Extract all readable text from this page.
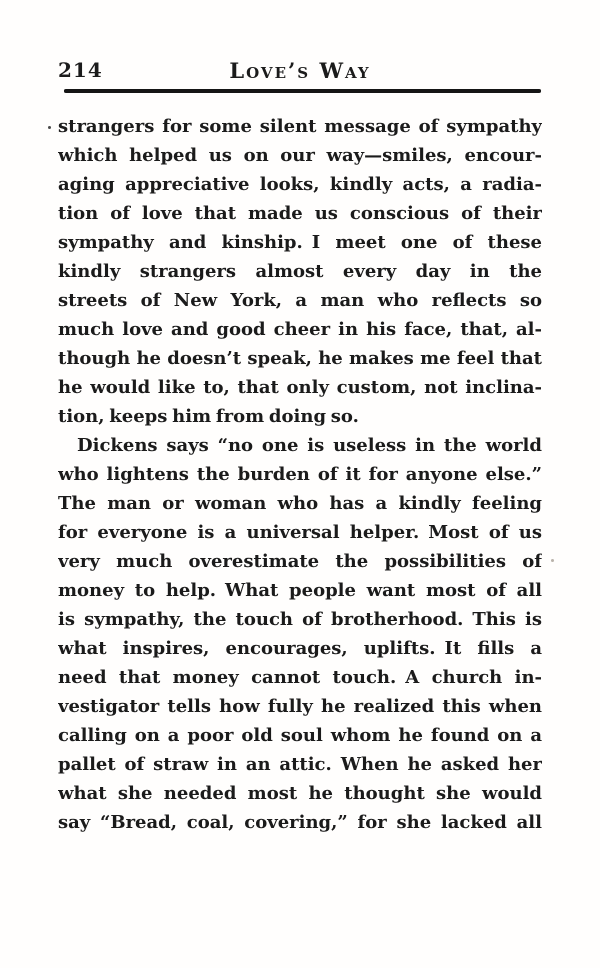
214	Love’s Way
strangers for some silent message of sympathy
which helped us on our way—smiles, encour-
aging appreciative looks, kindly acts, a radia-
tion of love that made us conscious of their
sympathy and kinship. I meet one of these
kindly strangers almost every day in the
streets of New York, a man who reflects so
much love and good cheer in his face, that, al-
though he doesn’t speak, he makes me feel that
he would like to, that only custom, not inclina-
tion, keeps him from doing so.
Dickens says “no one is useless in the world
who lightens the burden of it for anyone else.”
The man or woman who has a kindly feeling
for everyone is a universal helper. Most of us
very much overestimate the possibilities of
money to help. What people want most of all
is sympathy, the touch of brotherhood. This is
what inspires, encourages, uplifts. It fills a
need that money cannot touch. A church in-
vestigator tells how fully he realized this when
calling on a poor old soul whom he found on a
pallet of straw in an attic. When he asked her
what she needed most he thought she would
say “Bread, coal, covering,” for she lacked all
